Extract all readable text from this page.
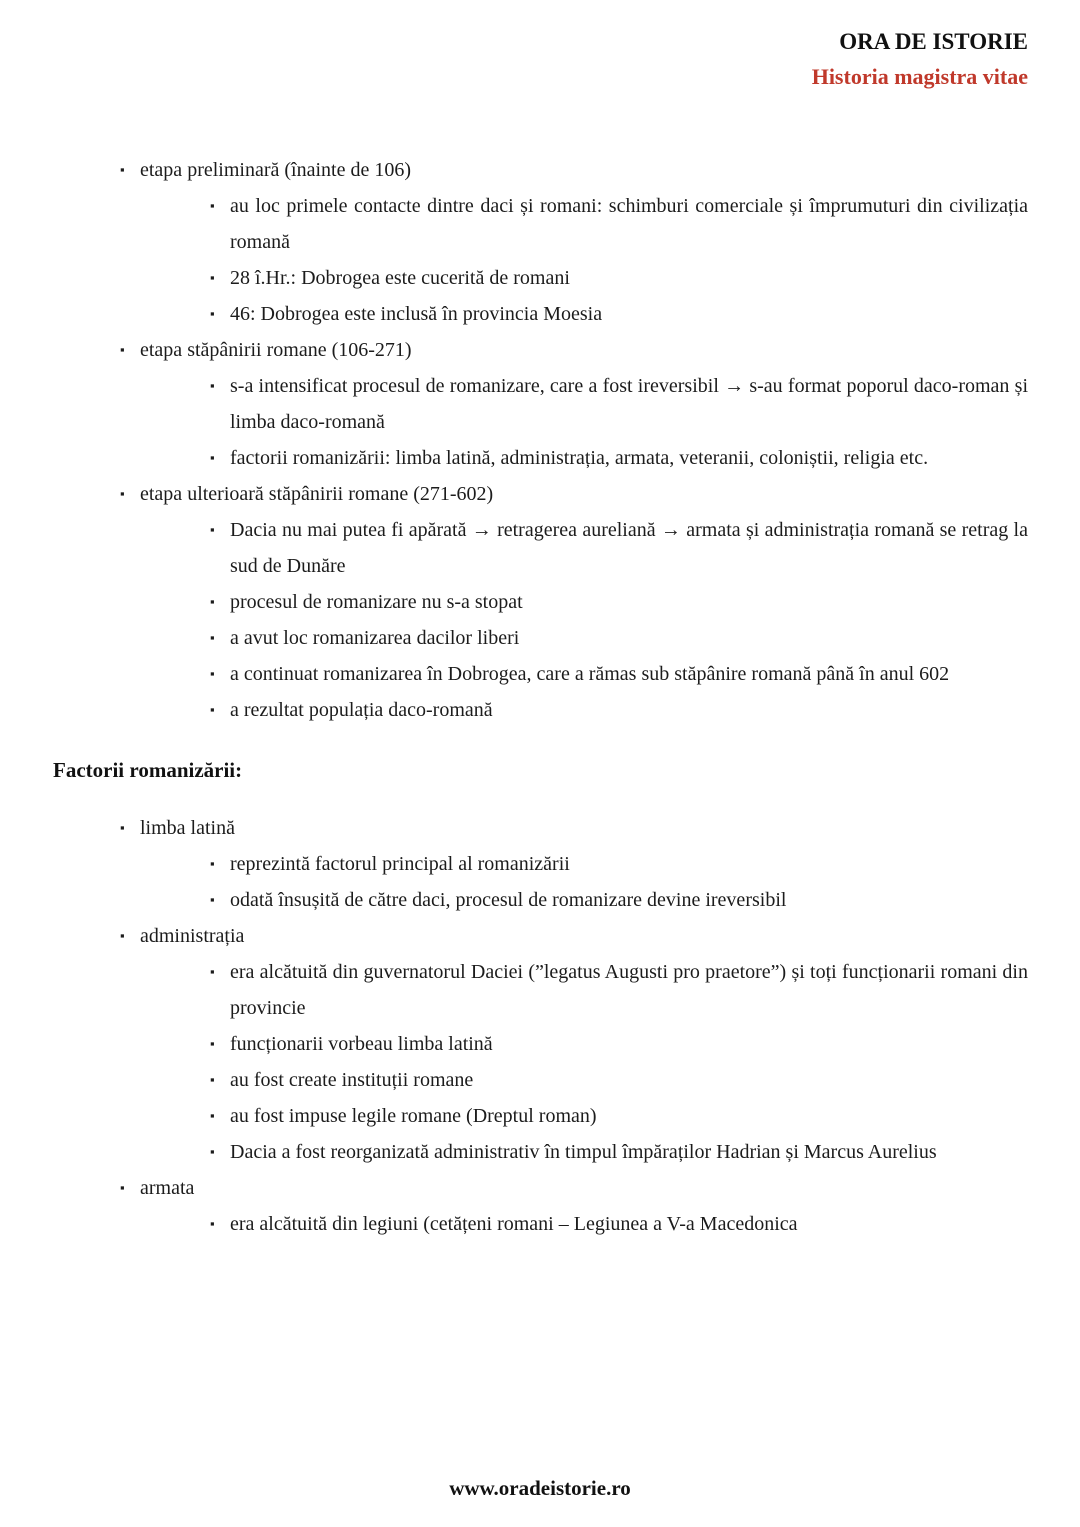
ORA DE ISTORIE
Historia magistra vitae
▪ etapa preliminară (înainte de 106)
▪ au loc primele contacte dintre daci și romani: schimburi comerciale și împrumuturi din civilizația romană
▪ 28 î.Hr.: Dobrogea este cucerită de romani
▪ 46: Dobrogea este inclusă în provincia Moesia
▪ etapa stăpânirii romane (106-271)
▪ s-a intensificat procesul de romanizare, care a fost ireversibil → s-au format poporul daco-roman și limba daco-romană
▪ factorii romanizării: limba latină, administrația, armata, veteranii, coloniștii, religia etc.
▪ etapa ulterioară stăpânirii romane (271-602)
▪ Dacia nu mai putea fi apărată → retragerea aureliană → armata și administrația romană se retrag la sud de Dunăre
▪ procesul de romanizare nu s-a stopat
▪ a avut loc romanizarea dacilor liberi
▪ a continuat romanizarea în Dobrogea, care a rămas sub stăpânire romană până în anul 602
▪ a rezultat populația daco-romană
Factorii romanizării:
▪ limba latină
▪ reprezintă factorul principal al romanizării
▪ odată însușită de către daci, procesul de romanizare devine ireversibil
▪ administrația
▪ era alcătuită din guvernatorul Daciei (”legatus Augusti pro praetore”) și toți funcționarii romani din provincie
▪ funcționarii vorbeau limba latină
▪ au fost create instituții romane
▪ au fost impuse legile romane (Dreptul roman)
▪ Dacia a fost reorganizată administrativ în timpul împăraților Hadrian și Marcus Aurelius
▪ armata
▪ era alcătuită din legiuni (cetățeni romani – Legiunea a V-a Macedonica
www.oradeistorie.ro
